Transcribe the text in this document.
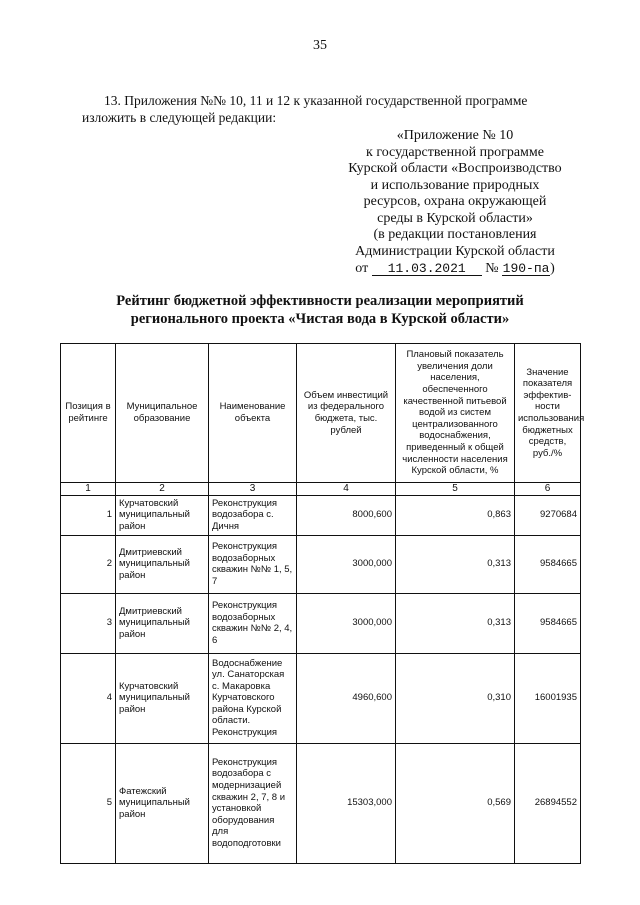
35
13. Приложения №№ 10, 11 и 12 к указанной государственной программе
изложить в следующей редакции:
«Приложение № 10
к государственной программе
Курской области «Воспроизводство
и использование природных
ресурсов, охрана окружающей
среды в Курской области»
(в редакции постановления
Администрации Курской области
от 11.03.2021 № 190-па)
Рейтинг бюджетной эффективности реализации мероприятий
регионального проекта «Чистая вода в Курской области»
Позиция в рейтинге	Муниципальное образование	Наименование объекта	Объем инвестиций из федерального бюджета, тыс. рублей	Плановый показатель увеличения доли населения, обеспеченного качественной питьевой водой из систем централизованного водоснабжения, приведенный к общей численности населения Курской области, %	Значение показателя эффектив-ности использования бюджетных средств, руб./%
1	2	3	4	5	6
1	Курчатовский муниципальный район	Реконструкция водозабора с. Дичня	8000,600	0,863	9270684
2	Дмитриевский муниципальный район	Реконструкция водозаборных скважин №№ 1, 5, 7	3000,000	0,313	9584665
3	Дмитриевский муниципальный район	Реконструкция водозаборных скважин №№ 2, 4, 6	3000,000	0,313	9584665
4	Курчатовский муниципальный район	Водоснабжение ул. Санаторская с. Макаровка Курчатовского района Курской области. Реконструкция	4960,600	0,310	16001935
5	Фатежский муниципальный район	Реконструкция водозабора с модернизацией скважин 2, 7, 8 и установкой оборудования для водоподготовки	15303,000	0,569	26894552
